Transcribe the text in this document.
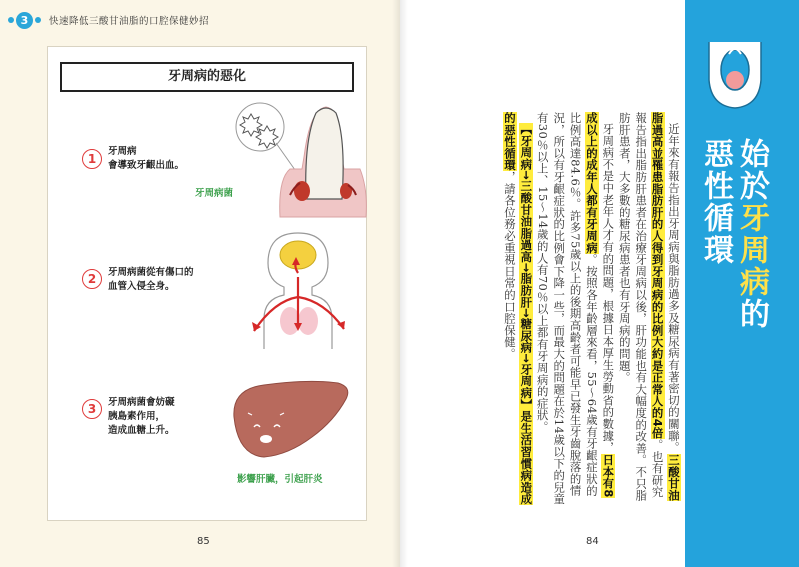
3	快速降低三酸甘油脂的口腔保健妙招
牙周病的惡化
1
牙周病
會導致牙齦出血。
牙周病菌
2	牙周病菌從有傷口的
血管入侵全身。
3	牙周病菌會妨礙
胰島素作用，
造成血糖上升。
影響肝臟，引起肝炎
85
始於牙周病的
惡性循環

近年來有報告指出牙周病與脂肪過多及糖尿病有著密切的關聯。三酸甘油脂過高並罹患脂肪肝的人得到牙周病的比例大約是正常人的4倍。也有研究報告指出脂肪肝患者在治療牙周病以後，肝功能也有大幅度的改善。不只脂肪肝患者，大多數的糖尿病患者也有牙周病的問題。

牙周病不是中老年人才有的問題，根據日本厚生勞動省的數據，日本有8成以上的成年人都有牙周病。按照各年齡層來看，55～64歲有牙齦症狀的比例高達84.6％。許多75歲以上的後期高齡者可能早已發生牙齒脫落的情況，所以有牙齦症狀的比例會下降一些，而最大的問題在於14歲以下的兒童有30％以上、15～14歲的人有70％以上都有牙周病的症狀。

【牙周病→三酸甘油脂過高→脂肪肝→糖尿病→牙周病】是生活習慣病造成的惡性循環，請各位務必重視日常的口腔保健。

84
